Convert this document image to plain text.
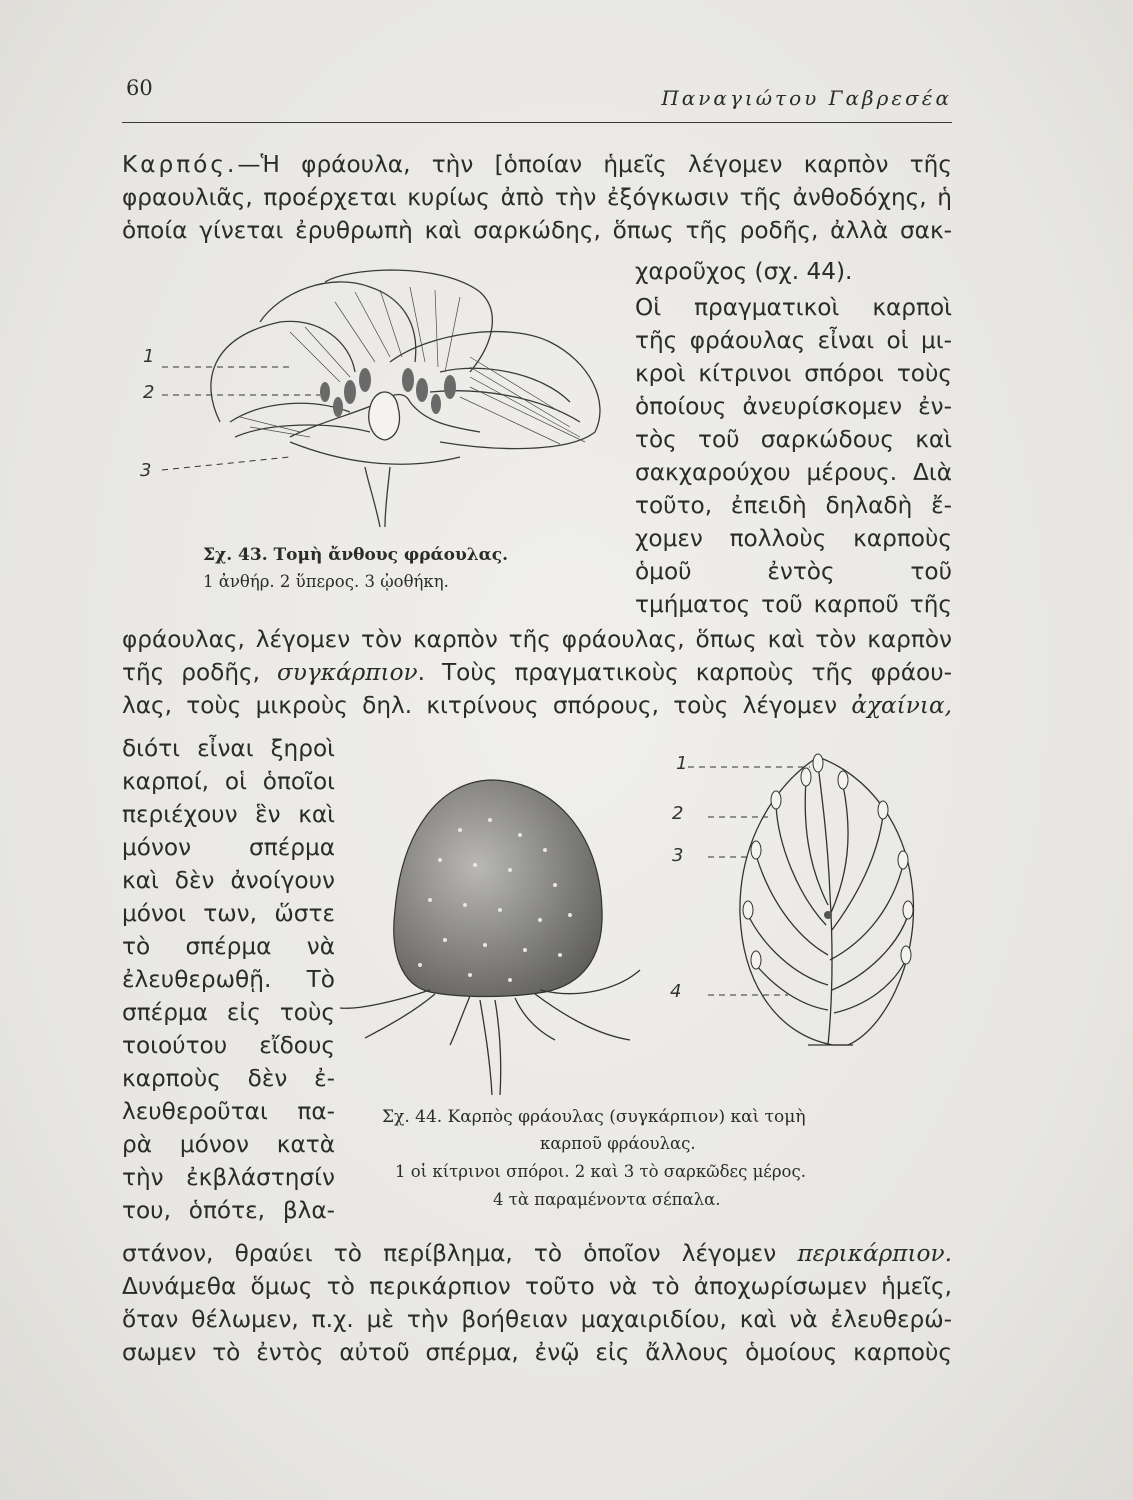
60	Παναγιώτου Γαβρεσέα
Καρπός.—Ἡ φράουλα, τὴν [ὁποίαν ἡμεῖς λέγομεν καρπὸν τῆς
φραουλιᾶς, προέρχεται κυρίως ἀπὸ τὴν ἐξόγκωσιν τῆς ἀνθοδόχης, ἡ
ὁποία γίνεται ἐρυθρωπὴ καὶ σαρκώδης, ὅπως τῆς ροδῆς, ἀλλὰ σακ-
χαροῦχος (σχ. 44).
Οἱ πραγματικοὶ καρποὶ
τῆς φράουλας εἶναι οἱ μι-
κροὶ κίτρινοι σπόροι τοὺς
ὁποίους ἀνευρίσκομεν ἐν-
τὸς τοῦ σαρκώδους καὶ
σακχαρούχου μέρους. Διὰ
τοῦτο, ἐπειδὴ δηλαδὴ ἔ-
χομεν πολλοὺς καρποὺς
ὁμοῦ ἐντὸς τοῦ
τμήματος τοῦ καρποῦ τῆς
φράουλας, λέγομεν τὸν καρπὸν τῆς φράουλας, ὅπως καὶ τὸν καρπὸν
τῆς ροδῆς, συγκάρπιον. Τοὺς πραγματικοὺς καρποὺς τῆς φράου-
λας, τοὺς μικροὺς δηλ. κιτρίνους σπόρους, τοὺς λέγομεν ἀχαίνια,
διότι εἶναι ξηροὶ
καρποί, οἱ ὁποῖοι
περιέχουν ἓν καὶ
μόνον σπέρμα
καὶ δὲν ἀνοίγουν
μόνοι των, ὥστε
τὸ σπέρμα νὰ
ἐλευθερωθῇ. Τὸ
σπέρμα εἰς τοὺς
τοιούτου εἴδους
καρποὺς δὲν ἐ-
λευθεροῦται πα-
ρὰ μόνον κατὰ
τὴν ἐκβλάστησίν
του, ὁπότε, βλα-
στάνον, θραύει τὸ περίβλημα, τὸ ὁποῖον λέγομεν περικάρπιον.
Δυνάμεθα ὅμως τὸ περικάρπιον τοῦτο νὰ τὸ ἀποχωρίσωμεν ἡμεῖς,
ὅταν θέλωμεν, π.χ. μὲ τὴν βοήθειαν μαχαιριδίου, καὶ νὰ ἐλευθερώ-
σωμεν τὸ ἐντὸς αὐτοῦ σπέρμα, ἐνῷ εἰς ἄλλους ὁμοίους καρποὺς
1
2
3
Σχ. 43. Τομὴ ἄνθους φράουλας.
1 ἀνθήρ. 2 ὕπερος. 3 ᾠοθήκη.
1
2
3
4
Σχ. 44. Καρπὸς φράουλας (συγκάρπιον) καὶ τομὴ
καρποῦ φράουλας.
1 οἱ κίτρινοι σπόροι. 2 καὶ 3 τὸ σαρκῶδες μέρος.
4 τὰ παραμένοντα σέπαλα.
